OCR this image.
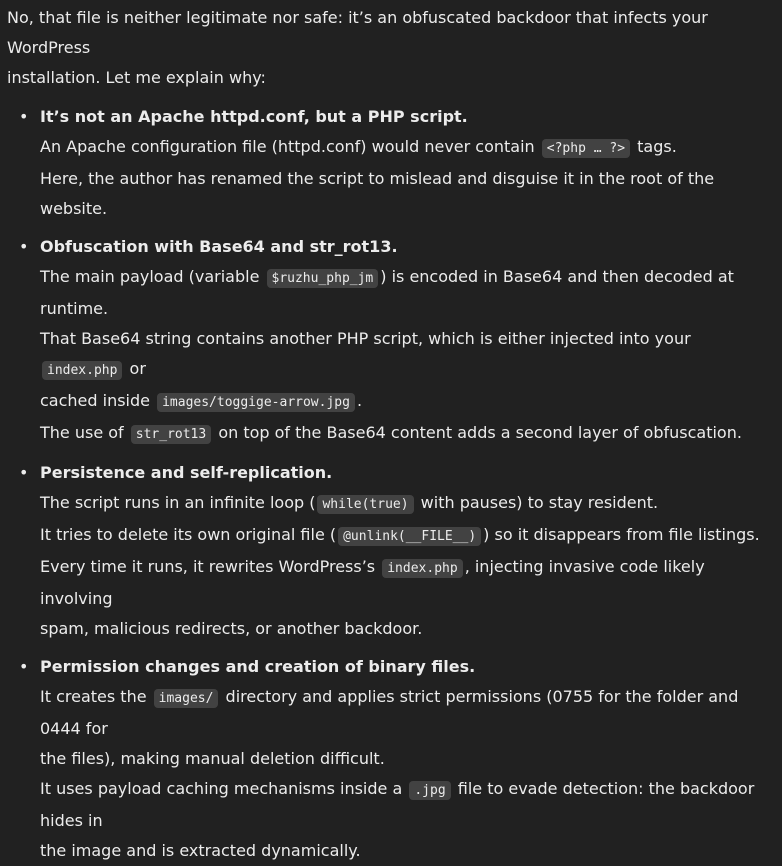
No, that file is neither legitimate nor safe: it’s an obfuscated backdoor that infects your WordPress
installation. Let me explain why:

• It’s not an Apache httpd.conf, but a PHP script.
An Apache configuration file (httpd.conf) would never contain <?php … ?> tags.
Here, the author has renamed the script to mislead and disguise it in the root of the website.
• Obfuscation with Base64 and str_rot13.
The main payload (variable $ruzhu_php_jm ) is encoded in Base64 and then decoded at runtime.
That Base64 string contains another PHP script, which is either injected into your index.php or
cached inside images/toggige-arrow.jpg .
The use of str_rot13 on top of the Base64 content adds a second layer of obfuscation.
• Persistence and self-replication.
The script runs in an infinite loop ( while(true) with pauses) to stay resident.
It tries to delete its own original file ( @unlink(__FILE__) ) so it disappears from file listings.
Every time it runs, it rewrites WordPress’s index.php , injecting invasive code likely involving
spam, malicious redirects, or another backdoor.
• Permission changes and creation of binary files.
It creates the images/ directory and applies strict permissions (0755 for the folder and 0444 for
the files), making manual deletion difficult.
It uses payload caching mechanisms inside a .jpg file to evade detection: the backdoor hides in
the image and is extracted dynamically.
